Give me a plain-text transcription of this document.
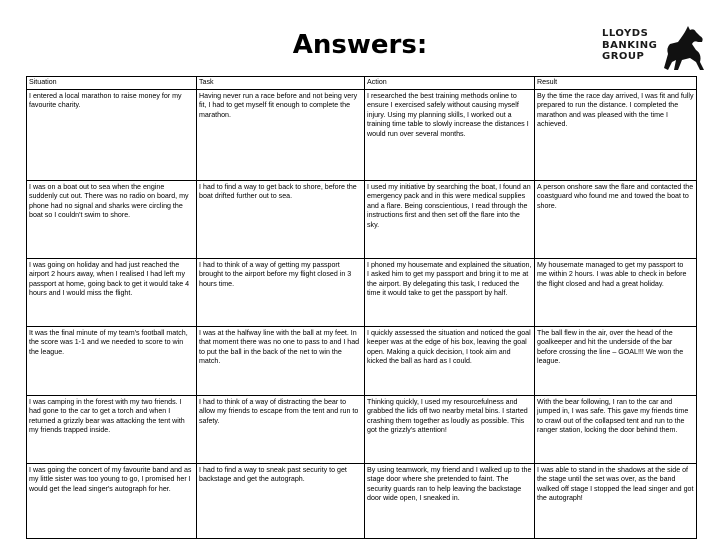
Answers:	LLOYDS
BANKING
GROUP
Situation	Task	Action	Result
I entered a local marathon to raise money for my favourite charity.	Having never run a race before and not being very fit, I had to get myself fit enough to complete the marathon.	I researched the best training methods online to ensure I exercised safely without causing myself injury. Using my planning skills, I worked out a training time table to slowly increase the distances I would run over several months.	By the time the race day arrived, I was fit and fully prepared to run the distance. I completed the marathon and was pleased with the time I achieved.
I was on a boat out to sea when the engine suddenly cut out. There was no radio on board, my phone had no signal and sharks were circling the boat so I couldn't swim to shore.	I had to find a way to get back to shore, before the boat drifted further out to sea.	I used my initiative by searching the boat, I found an emergency pack and in this were medical supplies and a flare. Being conscientious, I read through the instructions first and then set off the flare into the sky.	A person onshore saw the flare and contacted the coastguard who found me and towed the boat to shore.
I was going on holiday and had just reached the airport 2 hours away, when I realised I had left my passport at home, going back to get it would take 4 hours and I would miss the flight.	I had to think of a way of getting my passport brought to the airport before my flight closed in 3 hours time.	I phoned my housemate and explained the situation, I asked him to get my passport and bring it to me at the airport. By delegating this task, I reduced the time it would take to get the passport by half.	My housemate managed to get my passport to me within 2 hours. I was able to check in before the flight closed and had a great holiday.
It was the final minute of my team's football match, the score was 1-1 and we needed to score to win the league.	I was at the halfway line with the ball at my feet. In that moment there was no one to pass to and I had to put the ball in the back of the net to win the match.	I quickly assessed the situation and noticed the goal keeper was at the edge of his box, leaving the goal open. Making a quick decision, I took aim and kicked the ball as hard as I could.	The ball flew in the air, over the head of the goalkeeper and hit the underside of the bar before crossing the line – GOAL!!! We won the league.
I was camping in the forest with my two friends. I had gone to the car to get a torch and when I returned a grizzly bear was attacking the tent with my friends trapped inside.	I had to think of a way of distracting the bear to allow my friends to escape from the tent and run to safety.	Thinking quickly, I used my resourcefulness and grabbed the lids off two nearby metal bins. I started crashing them together as loudly as possible. This got the grizzly's attention!	With the bear following, I ran to the car and jumped in, I was safe. This gave my friends time to crawl out of the collapsed tent and run to the ranger station, locking the door behind them.
I was going the concert of my favourite band and as my little sister was too young to go, I promised her I would get the lead singer's autograph for her.	I had to find a way to sneak past security to get backstage and get the autograph.	By using teamwork, my friend and I walked up to the stage door where she pretended to faint. The security guards ran to help leaving the backstage door wide open, I sneaked in.	I was able to stand in the shadows at the side of the stage until the set was over, as the band walked off stage I stopped the lead singer and got the autograph!
